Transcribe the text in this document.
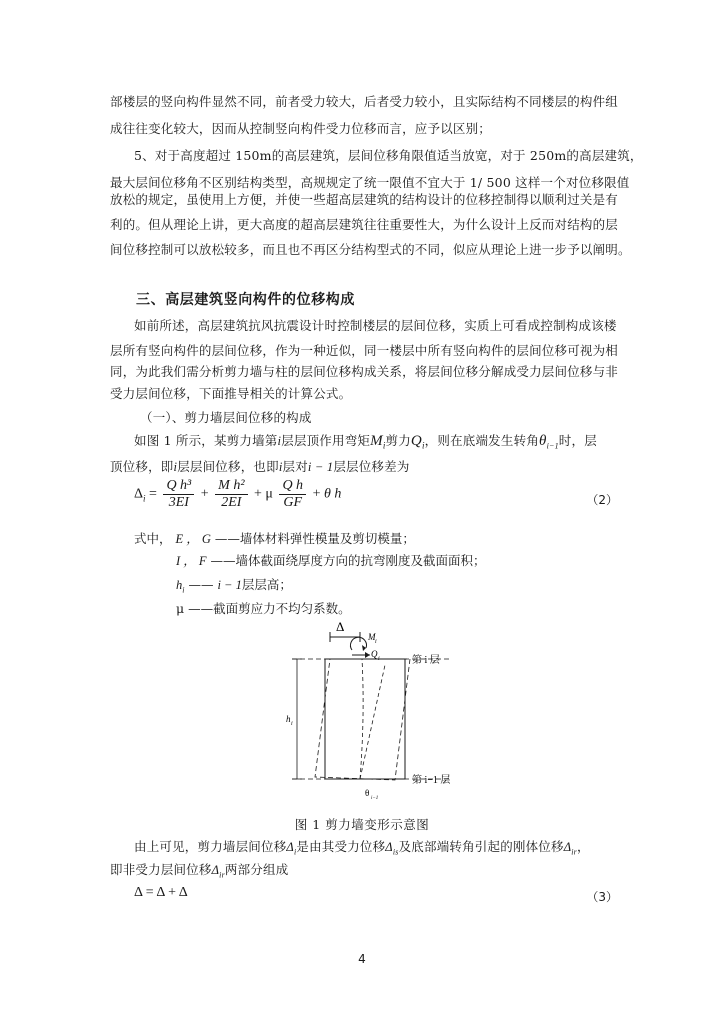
部楼层的竖向构件显然不同，前者受力较大，后者受力较小，且实际结构不同楼层的构件组
成往往变化较大，因而从控制竖向构件受力位移而言，应予以区别；
5、对于高度超过 150m的高层建筑，层间位移角限值适当放宽，对于 250m的高层建筑，
最大层间位移角不区别结构类型，高规规定了统一限值不宜大于 1/ 500 这样一个对位移限值
放松的规定，虽使用上方便，并使一些超高层建筑的结构设计的位移控制得以顺利过关是有
利的。但从理论上讲，更大高度的超高层建筑往往重要性大，为什么设计上反而对结构的层
间位移控制可以放松较多，而且也不再区分结构型式的不同，似应从理论上进一步予以阐明。
三、高层建筑竖向构件的位移构成
如前所述，高层建筑抗风抗震设计时控制楼层的层间位移，实质上可看成控制构成该楼
层所有竖向构件的层间位移，作为一种近似，同一楼层中所有竖向构件的层间位移可视为相
同，为此我们需分析剪力墙与柱的层间位移构成关系，将层间位移分解成受力层间位移与非
受力层间位移，下面推导相关的计算公式。
（一）、剪力墙层间位移的构成
如图 1 所示，某剪力墙第i层层顶作用弯矩$M_i$剪力$Q_i$，则在底端发生转角$\theta_{i-1}$时，层
顶位移，即i层层间位移，也即i层对i − 1层层位移差为
$\Delta_i = \frac{\text{Q h³}}{3EI} + \frac{\text{M h²}}{2EI} + \mu \frac{\text{Q h}}{GF} + \theta$ h	（2）
式中， E ， G ——墙体材料弹性模量及剪切模量；
I ， F ——墙体截面绕厚度方向的抗弯刚度及截面面积；
$h_i$ —— i − 1层层高；
μ ——截面剪应力不均匀系数。
Δ
M i
Q i	第 i 层
第 i−1 层
h i
θ
i−1
图 1 剪力墙变形示意图
由上可见，剪力墙层间位移$\Delta_i$是由其受力位移$\Delta_{is}$及底部端转角引起的刚体位移$\Delta_{ir}$，
即非受力层间位移$\Delta_{ir}$两部分组成
Δ = Δ + Δ	（3）
4
